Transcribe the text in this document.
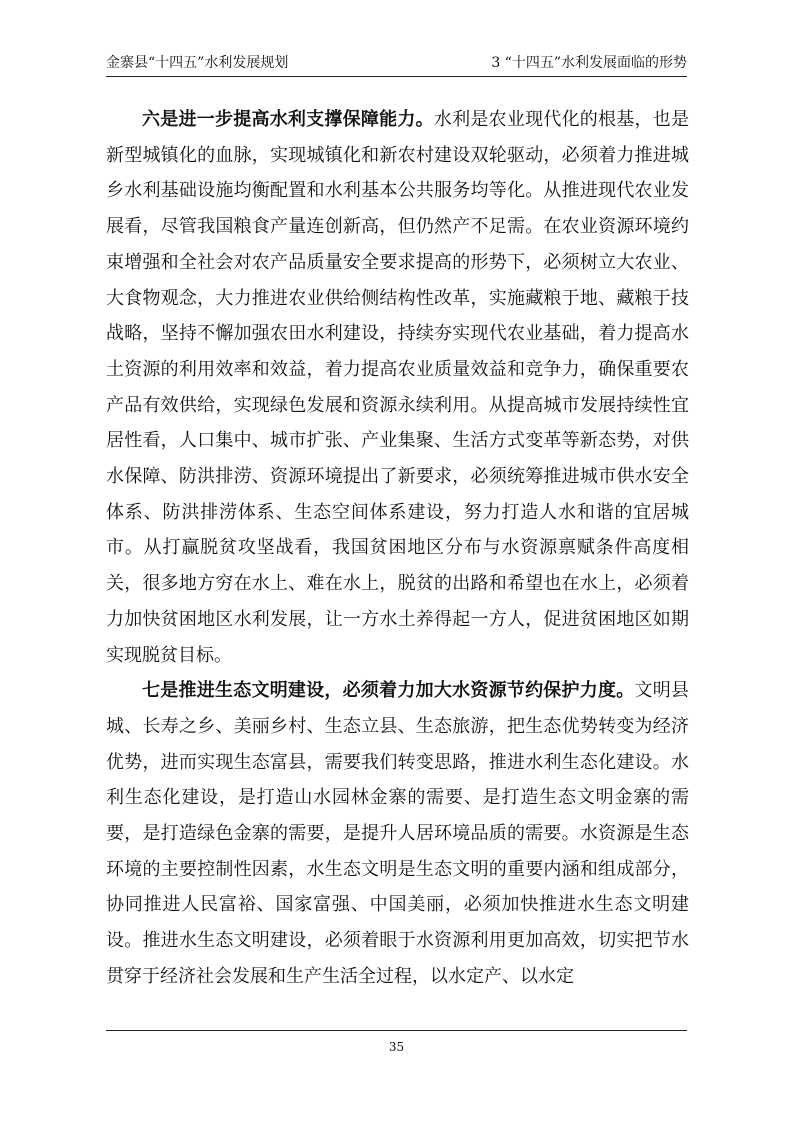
金寨县“十四五”水利发展规划	3 “十四五”水利发展面临的形势

六是进一步提高水利支撑保障能力。水利是农业现代化的根基，也是新型城镇化的血脉，实现城镇化和新农村建设双轮驱动，必须着力推进城乡水利基础设施均衡配置和水利基本公共服务均等化。从推进现代农业发展看，尽管我国粮食产量连创新高，但仍然产不足需。在农业资源环境约束增强和全社会对农产品质量安全要求提高的形势下，必须树立大农业、大食物观念，大力推进农业供给侧结构性改革，实施藏粮于地、藏粮于技战略，坚持不懈加强农田水利建设，持续夯实现代农业基础，着力提高水土资源的利用效率和效益，着力提高农业质量效益和竞争力，确保重要农产品有效供给，实现绿色发展和资源永续利用。从提高城市发展持续性宜居性看，人口集中、城市扩张、产业集聚、生活方式变革等新态势，对供水保障、防洪排涝、资源环境提出了新要求，必须统筹推进城市供水安全体系、防洪排涝体系、生态空间体系建设，努力打造人水和谐的宜居城市。从打赢脱贫攻坚战看，我国贫困地区分布与水资源禀赋条件高度相关，很多地方穷在水上、难在水上，脱贫的出路和希望也在水上，必须着力加快贫困地区水利发展，让一方水土养得起一方人，促进贫困地区如期实现脱贫目标。

七是推进生态文明建设，必须着力加大水资源节约保护力度。文明县城、长寿之乡、美丽乡村、生态立县、生态旅游，把生态优势转变为经济优势，进而实现生态富县，需要我们转变思路，推进水利生态化建设。水利生态化建设，是打造山水园林金寨的需要、是打造生态文明金寨的需要，是打造绿色金寨的需要，是提升人居环境品质的需要。水资源是生态环境的主要控制性因素，水生态文明是生态文明的重要内涵和组成部分，协同推进人民富裕、国家富强、中国美丽，必须加快推进水生态文明建设。推进水生态文明建设，必须着眼于水资源利用更加高效，切实把节水贯穿于经济社会发展和生产生活全过程，以水定产、以水定

35
